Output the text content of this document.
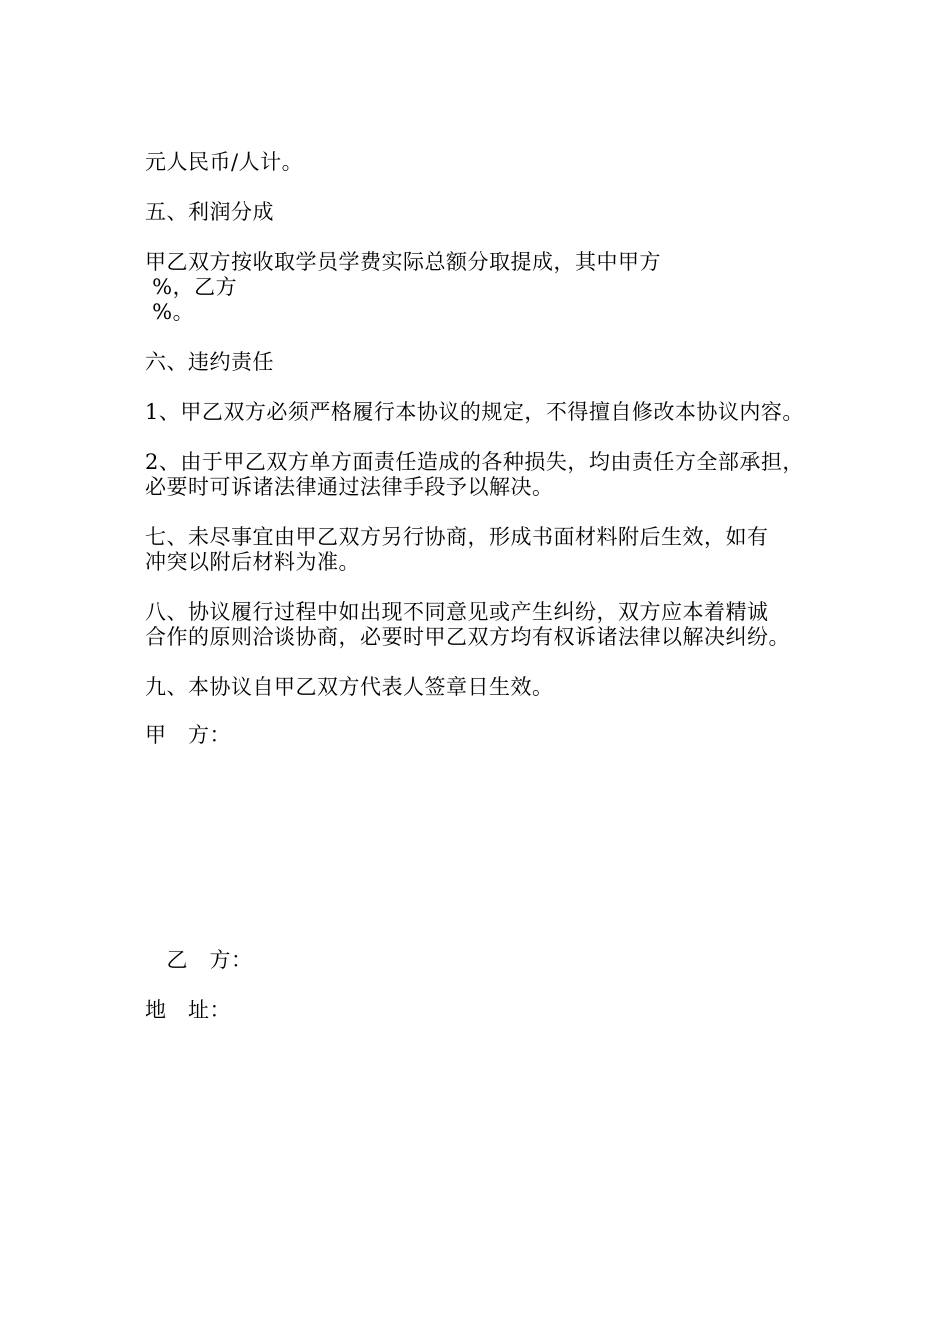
元人民币/人计。
五、利润分成
甲乙双方按收取学员学费实际总额分取提成，其中甲方
%，乙方
%。
六、违约责任
1、甲乙双方必须严格履行本协议的规定，不得擅自修改本协议内容。
2、由于甲乙双方单方面责任造成的各种损失，均由责任方全部承担，
必要时可诉诸法律通过法律手段予以解决。
七、未尽事宜由甲乙双方另行协商，形成书面材料附后生效，如有
冲突以附后材料为准。
八、协议履行过程中如出现不同意见或产生纠纷，双方应本着精诚
合作的原则洽谈协商，必要时甲乙双方均有权诉诸法律以解决纠纷。
九、本协议自甲乙双方代表人签章日生效。
甲　方：
　乙　方：
地　址：
